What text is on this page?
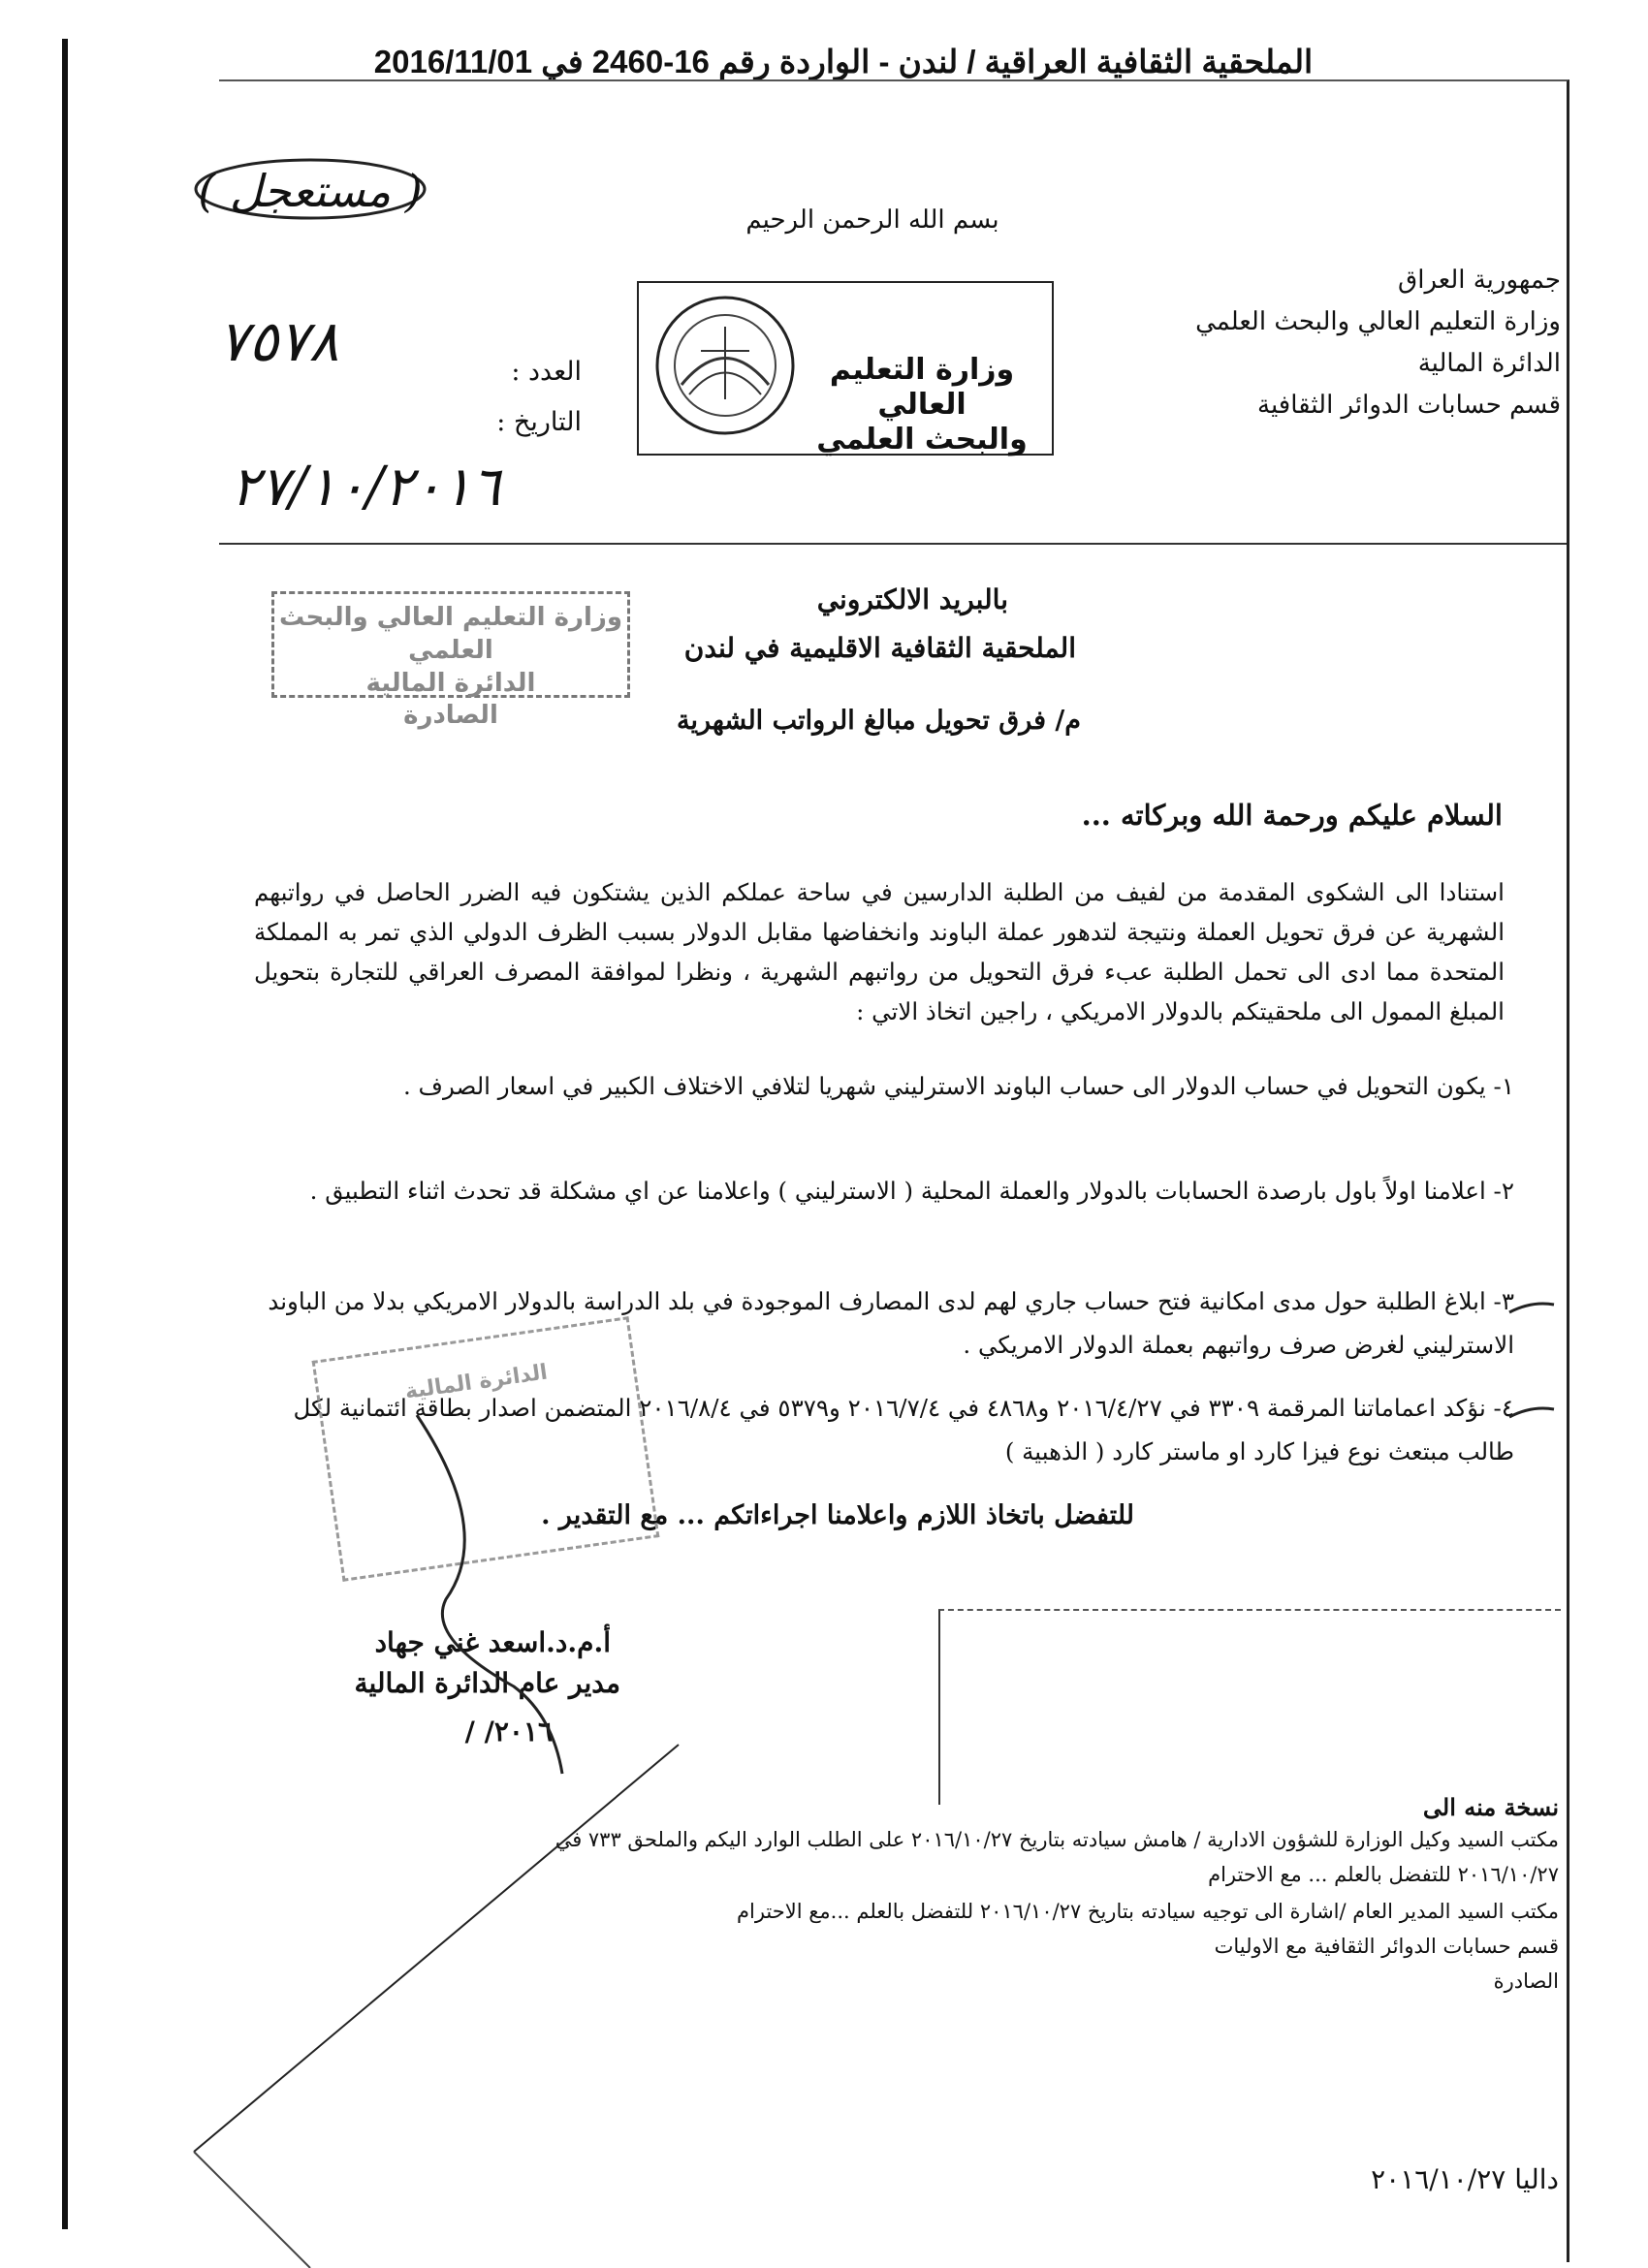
الملحقية الثقافية العراقية / لندن - الواردة رقم 16-2460 في 2016/11/01
( مستعجل )
بسم الله الرحمن الرحيم
جمهورية العراق
وزارة التعليم العالي والبحث العلمي
الدائرة المالية
قسم حسابات الدوائر الثقافية
وزارة التعليم العالي
والبحث العلمي
العدد :
التاريخ :
٧٥٧٨
٢٧/١٠/٢٠١٦
وزارة التعليم العالي والبحث العلمي
الدائرة المالية
الصادرة
بالبريد الالكتروني
الملحقية الثقافية الاقليمية في لندن
م/ فرق تحويل مبالغ الرواتب الشهرية
السلام عليكم ورحمة الله وبركاته ...
استنادا الى الشكوى المقدمة من لفيف من الطلبة الدارسين في ساحة عملكم الذين يشتكون فيه الضرر الحاصل في رواتبهم الشهرية عن فرق تحويل العملة ونتيجة لتدهور عملة الباوند وانخفاضها مقابل الدولار بسبب الظرف الدولي الذي تمر به المملكة المتحدة مما ادى الى تحمل الطلبة عبء فرق التحويل من رواتبهم الشهرية ، ونظرا لموافقة المصرف العراقي للتجارة بتحويل المبلغ الممول الى ملحقيتكم بالدولار الامريكي ، راجين اتخاذ الاتي :
١- يكون التحويل في حساب الدولار الى حساب الباوند الاسترليني شهريا لتلافي الاختلاف الكبير في اسعار الصرف .
٢- اعلامنا اولاً باول بارصدة الحسابات بالدولار والعملة المحلية ( الاسترليني ) واعلامنا عن اي مشكلة قد تحدث اثناء التطبيق .
٣- ابلاغ الطلبة حول مدى امكانية فتح حساب جاري لهم لدى المصارف الموجودة في بلد الدراسة بالدولار الامريكي بدلا من الباوند الاسترليني لغرض صرف رواتبهم بعملة الدولار الامريكي .
٤- نؤكد اعماماتنا المرقمة ٣٣٠٩ في ٢٠١٦/٤/٢٧ و٤٨٦٨ في ٢٠١٦/٧/٤ و٥٣٧٩ في ٢٠١٦/٨/٤ المتضمن اصدار بطاقة ائتمانية لكل طالب مبتعث نوع فيزا كارد او ماستر كارد ( الذهبية )
للتفضل باتخاذ اللازم واعلامنا اجراءاتكم ... مع التقدير .
الدائرة المالية
أ.م.د.اسعد غني جهاد
مدير عام الدائرة المالية
/ /٢٠١٦
نسخة منه الى
مكتب السيد وكيل الوزارة للشؤون الادارية / هامش سيادته بتاريخ ٢٠١٦/١٠/٢٧ على الطلب الوارد اليكم والملحق ٧٣٣ في
٢٠١٦/١٠/٢٧ للتفضل بالعلم ... مع الاحترام
مكتب السيد المدير العام /اشارة الى توجيه سيادته بتاريخ ٢٠١٦/١٠/٢٧ للتفضل بالعلم ...مع الاحترام
قسم حسابات الدوائر الثقافية مع الاوليات
الصادرة
داليا ٢٠١٦/١٠/٢٧
